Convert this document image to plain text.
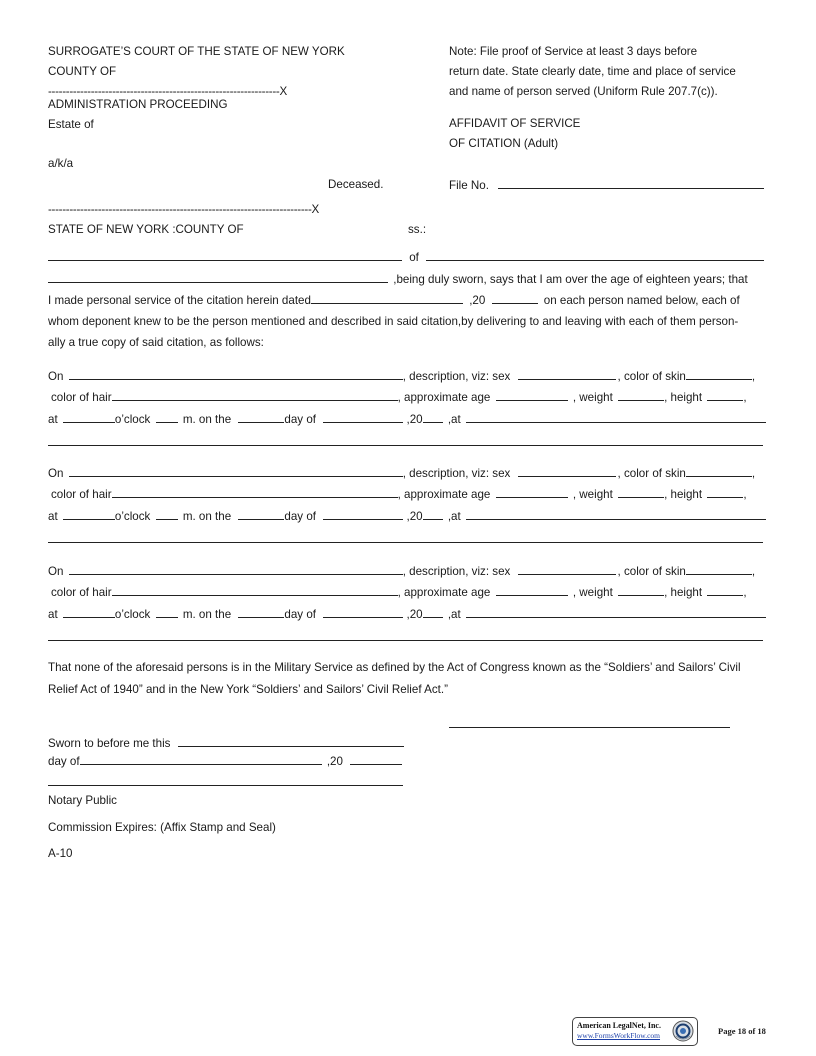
SURROGATE’S COURT OF THE STATE OF NEW YORK
COUNTY OF
-----------------------------------------------------------------X
ADMINISTRATION PROCEEDING
Estate of
a/k/a
Deceased.
--------------------------------------------------------------------------X
Note: File proof of Service at least 3 days before
return date. State clearly date, time and place of service
and name of person served (Uniform Rule 207.7(c)).
AFFIDAVIT OF SERVICE
OF CITATION (Adult)
File No.
STATE OF NEW YORK :COUNTY OF	ss.:
of
,being duly sworn, says that I am over the age of eighteen years; that
I made personal service of the citation herein dated	,20	on each person named below, each of
whom deponent knew to be the person mentioned and described in said citation,by delivering to and leaving with each of them person-
ally a true copy of said citation, as follows:
On	, description, viz: sex	, color of skin	,
color of hair	, approximate age	, weight	, height	,
at	o’clock	m. on the	day of	,20 ,at
On	, description, viz: sex	, color of skin	,
color of hair	, approximate age	, weight	, height	,
at	o’clock	m. on the	day of	,20 ,at
On	, description, viz: sex	, color of skin	,
color of hair	, approximate age	, weight	, height	,
at	o’clock	m. on the	day of	,20 ,at
That none of the aforesaid persons is in the Military Service as defined by the Act of Congress known as the “Soldiers’ and Sailors’ Civil
Relief Act of 1940” and in the New York “Soldiers’ and Sailors’ Civil Relief Act.”
Sworn to before me this
day of	,20
Notary Public
Commission Expires: (Affix Stamp and Seal)
A-10
American LegalNet, Inc.
www.FormsWorkFlow.com	Page 18 of 18
